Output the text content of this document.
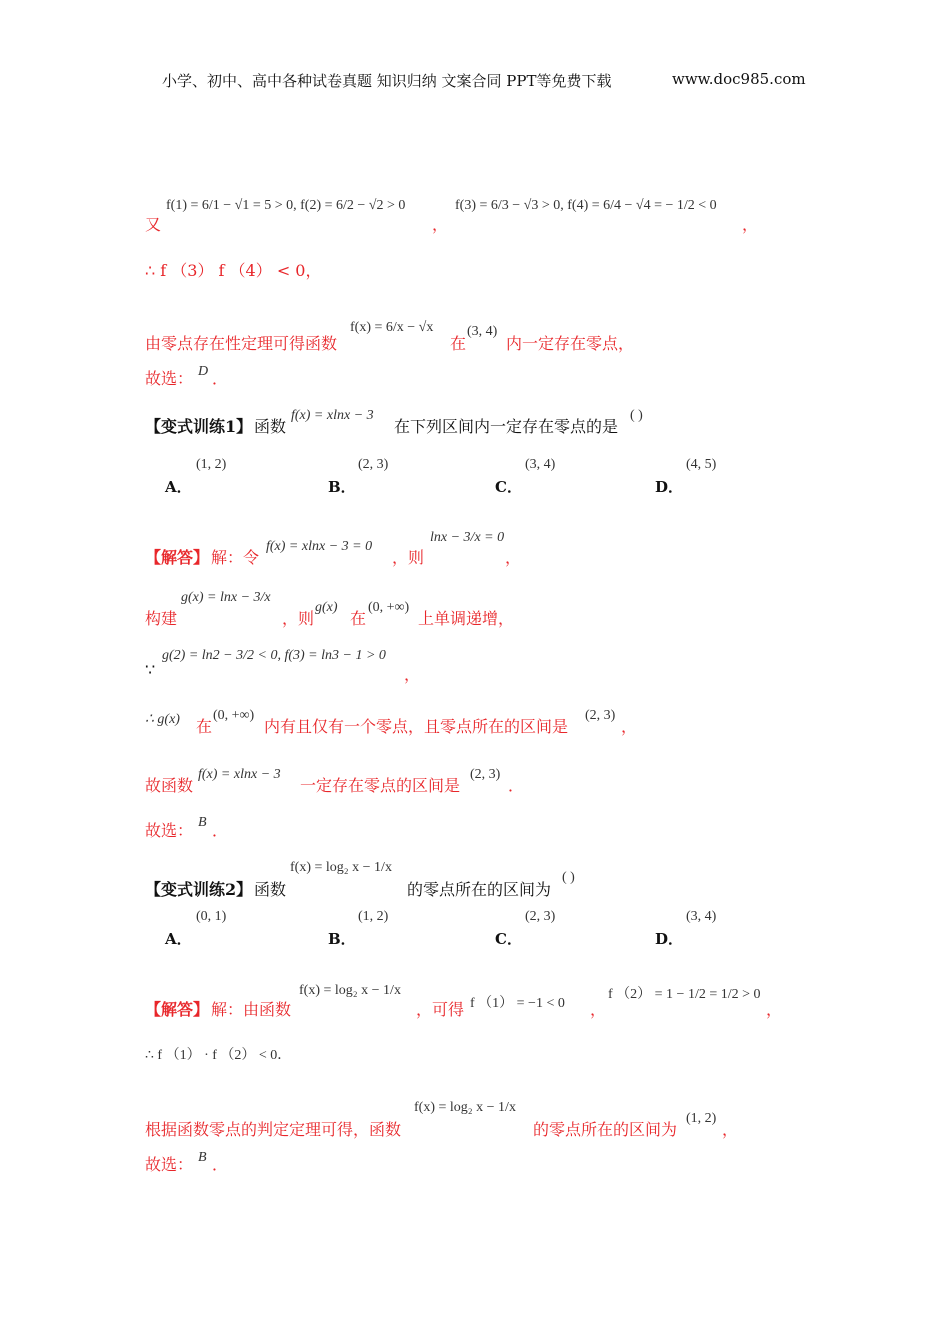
小学、初中、高中各种试卷真题 知识归纳 文案合同 PPT等免费下载	www.doc985.com
又
f(1) = 6/1 − √1 = 5 > 0, f(2) = 6/2 − √2 > 0
，
f(3) = 6/3 − √3 > 0, f(4) = 6/4 − √4 = − 1/2 < 0
，
∴ f （3） f （4） < 0，
由零点存在性定理可得函数
f(x) = 6/x − √x
在
(3, 4)
内一定存在零点，
故选： D ．
【变式训练1】 函数
f(x) = xlnx − 3
在下列区间内一定存在零点的是
( )
A．
(1, 2)
B．
(2, 3)
C．
(3, 4)
D．
(4, 5)
【解答】 解：令
f(x) = xlnx − 3 = 0
，则
lnx − 3/x = 0
，
构建
g(x) = lnx − 3/x
，则
g(x)
在
(0, +∞)
上单调递增，
∵
g(2) = ln2 − 3/2 < 0, f(3) = ln3 − 1 > 0
，
∴ g(x) 在
(0, +∞)
内有且仅有一个零点，且零点所在的区间是
(2, 3)
，
故函数
f(x) = xlnx − 3
一定存在零点的区间是
(2, 3)
．
故选： B ．
【变式训练2】 函数
f(x) = log₂ x − 1/x
的零点所在的区间为
( )
A．
(0, 1)
B．
(1, 2)
C．
(2, 3)
D．
(3, 4)
【解答】 解：由函数
f(x) = log₂ x − 1/x
，可得 f （1） = −1 < 0 ，
f （2） = 1 − 1/2 = 1/2 > 0
，
∴ f （1） · f （2） < 0．
根据函数零点的判定定理可得，函数
f(x) = log₂ x − 1/x
的零点所在的区间为
(1, 2)
，
故选： B ．
